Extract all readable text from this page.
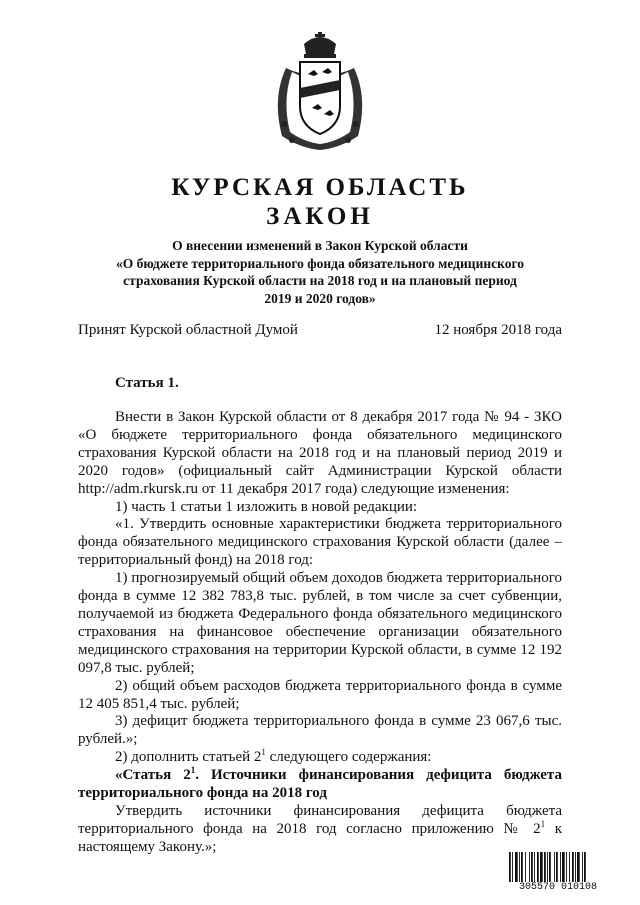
КУРСКАЯ ОБЛАСТЬ
ЗАКОН
О внесении изменений в Закон Курской области
«О бюджете территориального фонда обязательного медицинского
страхования Курской области на 2018 год и на плановый период
2019 и 2020 годов»
Принят Курской областной Думой	12 ноября 2018 года
Статья 1.

Внести в Закон Курской области от 8 декабря 2017 года № 94 - ЗКО «О бюджете территориального фонда обязательного медицинского страхования Курской области на 2018 год и на плановый период 2019 и 2020 годов» (официальный сайт Администрации Курской области http://adm.rkursk.ru от 11 декабря 2017 года) следующие изменения:

1) часть 1 статьи 1 изложить в новой редакции:

«1. Утвердить основные характеристики бюджета территориального фонда обязательного медицинского страхования Курской области (далее – территориальный фонд) на 2018 год:

1) прогнозируемый общий объем доходов бюджета территориального фонда в сумме 12 382 783,8 тыс. рублей, в том числе за счет субвенции, получаемой из бюджета Федерального фонда обязательного медицинского страхования на финансовое обеспечение организации обязательного медицинского страхования на территории Курской области, в сумме 12 192 097,8 тыс. рублей;

2) общий объем расходов бюджета территориального фонда в сумме 12 405 851,4 тыс. рублей;

3) дефицит бюджета территориального фонда в сумме 23 067,6 тыс. рублей.»;

2) дополнить статьей $2^1$ следующего содержания:

«Статья $2^1$. Источники финансирования дефицита бюджета территориального фонда на 2018 год

Утвердить источники финансирования дефицита бюджета территориального фонда на 2018 год согласно приложению № $2^1$ к настоящему Закону.»;

305570 010108
